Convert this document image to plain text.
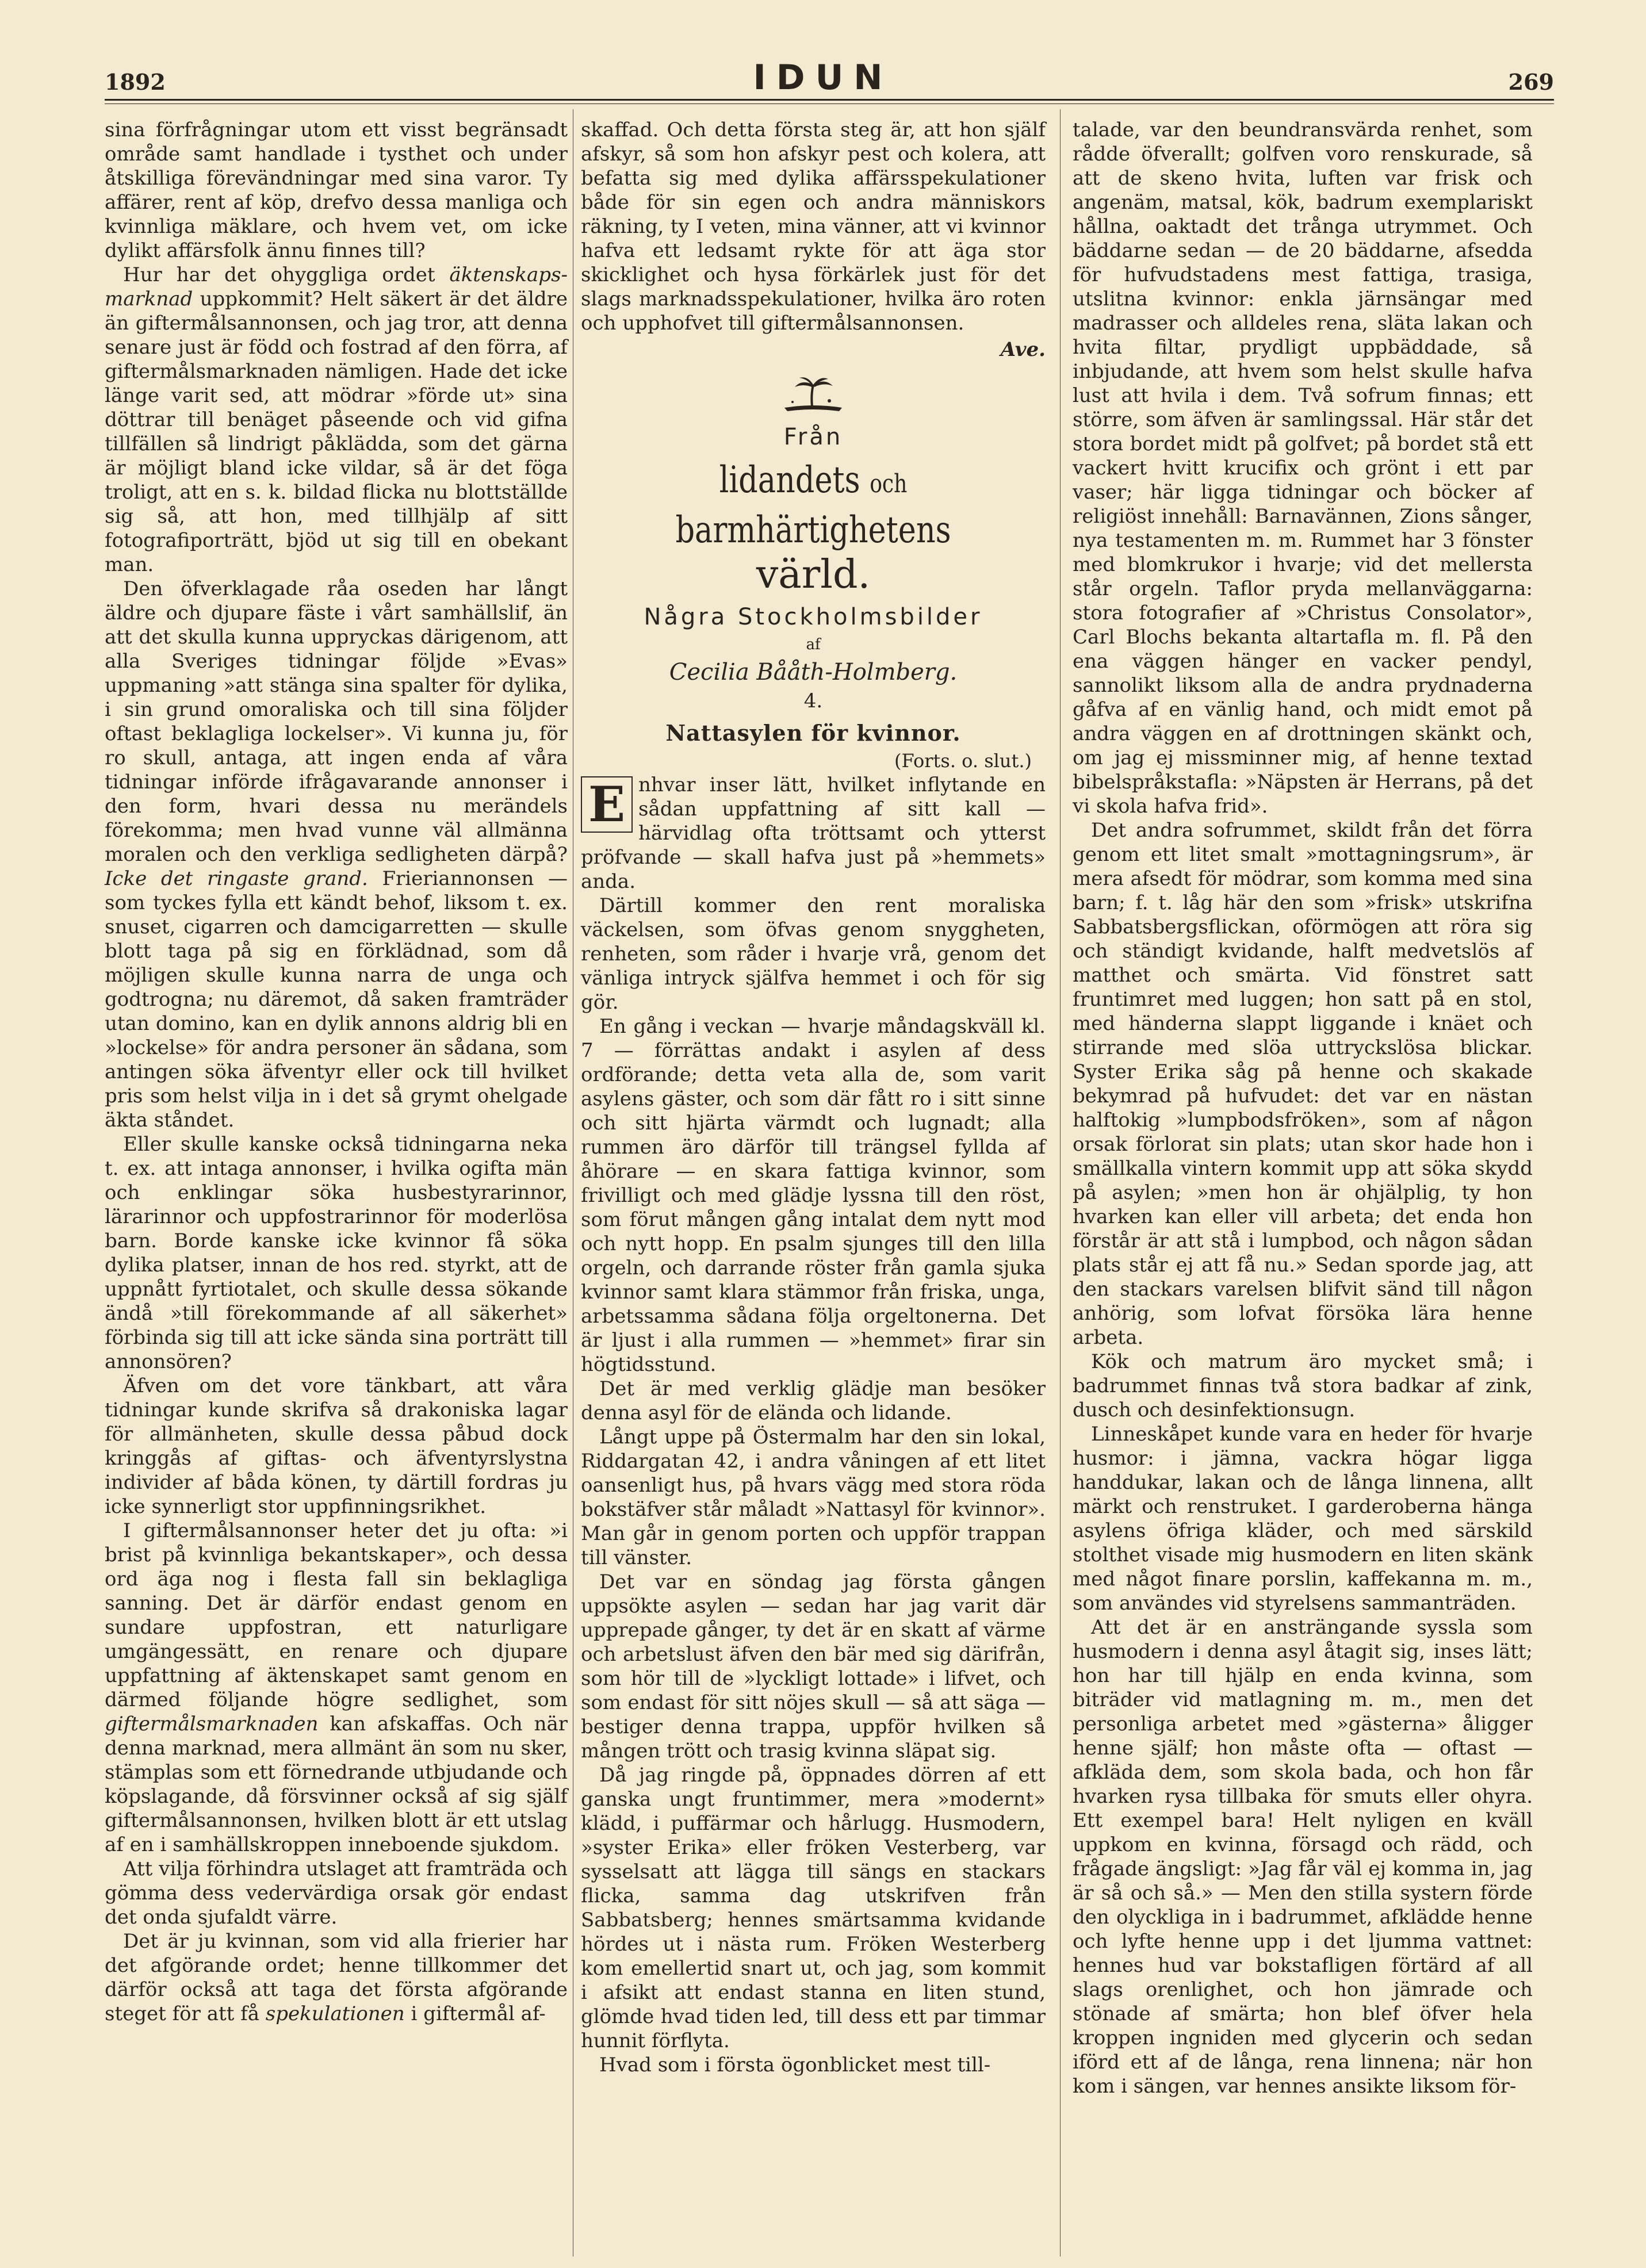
1892	IDUN	269

sina förfrågningar utom ett visst begränsadt område samt handlade i tysthet och under åtskilliga förevändningar med sina varor. Ty affärer, rent af köp, drefvo dessa manliga och kvinnliga mäklare, och hvem vet, om icke dylikt affärsfolk ännu finnes till?

Hur har det ohyggliga ordet äktenskaps-marknad uppkommit? Helt säkert är det äldre än giftermålsannonsen, och jag tror, att denna senare just är född och fostrad af den förra, af giftermålsmarknaden nämligen. Hade det icke länge varit sed, att mödrar »förde ut» sina döttrar till benäget påseende och vid gifna tillfällen så lindrigt påklädda, som det gärna är möjligt bland icke vildar, så är det föga troligt, att en s. k. bildad flicka nu blottställde sig så, att hon, med tillhjälp af sitt fotografiporträtt, bjöd ut sig till en obekant man.

Den öfverklagade råa oseden har långt äldre och djupare fäste i vårt samhällslif, än att det skulla kunna uppryckas därigenom, att alla Sveriges tidningar följde »Evas» uppmaning »att stänga sina spalter för dylika, i sin grund omoraliska och till sina följder oftast beklagliga lockelser». Vi kunna ju, för ro skull, antaga, att ingen enda af våra tidningar införde ifrågavarande annonser i den form, hvari dessa nu merändels förekomma; men hvad vunne väl allmänna moralen och den verkliga sedligheten därpå? Icke det ringaste grand. Frieriannonsen — som tyckes fylla ett kändt behof, liksom t. ex. snuset, cigarren och damcigarretten — skulle blott taga på sig en förklädnad, som då möjligen skulle kunna narra de unga och godtrogna; nu däremot, då saken framträder utan domino, kan en dylik annons aldrig bli en »lockelse» för andra personer än sådana, som antingen söka äfventyr eller ock till hvilket pris som helst vilja in i det så grymt ohelgade äkta ståndet.

Eller skulle kanske också tidningarna neka t. ex. att intaga annonser, i hvilka ogifta män och enklingar söka husbestyrarinnor, lärarinnor och uppfostrarinnor för moderlösa barn. Borde kanske icke kvinnor få söka dylika platser, innan de hos red. styrkt, att de uppnått fyrtiotalet, och skulle dessa sökande ändå »till förekommande af all säkerhet» förbinda sig till att icke sända sina porträtt till annonsören?

Äfven om det vore tänkbart, att våra tidningar kunde skrifva så drakoniska lagar för allmänheten, skulle dessa påbud dock kringgås af giftas- och äfventyrslystna individer af båda könen, ty därtill fordras ju icke synnerligt stor uppfinningsrikhet.

I giftermålsannonser heter det ju ofta: »i brist på kvinnliga bekantskaper», och dessa ord äga nog i flesta fall sin beklagliga sanning. Det är därför endast genom en sundare uppfostran, ett naturligare umgängessätt, en renare och djupare uppfattning af äktenskapet samt genom en därmed följande högre sedlighet, som giftermålsmarknaden kan afskaffas. Och när denna marknad, mera allmänt än som nu sker, stämplas som ett förnedrande utbjudande och köpslagande, då försvinner också af sig själf giftermålsannonsen, hvilken blott är ett utslag af en i samhällskroppen inneboende sjukdom.

Att vilja förhindra utslaget att framträda och gömma dess vedervärdiga orsak gör endast det onda sjufaldt värre.

Det är ju kvinnan, som vid alla frierier har det afgörande ordet; henne tillkommer det därför också att taga det första afgörande steget för att få spekulationen i giftermål af-

skaffad. Och detta första steg är, att hon själf afskyr, så som hon afskyr pest och kolera, att befatta sig med dylika affärsspekulationer både för sin egen och andra människors räkning, ty I veten, mina vänner, att vi kvinnor hafva ett ledsamt rykte för att äga stor skicklighet och hysa förkärlek just för det slags marknadsspekulationer, hvilka äro roten och upphofvet till giftermålsannonsen.

Ave.
Från
lidandets och barmhärtighetens
värld.
Några Stockholmsbilder
af
Cecilia Bååth-Holmberg.
4.
Nattasylen för kvinnor.
(Forts. o. slut.)

E nhvar inser lätt, hvilket inflytande en sådan uppfattning af sitt kall — härvidlag ofta tröttsamt och ytterst pröfvande — skall hafva just på »hemmets» anda.

Därtill kommer den rent moraliska väckelsen, som öfvas genom snyggheten, renheten, som råder i hvarje vrå, genom det vänliga intryck själfva hemmet i och för sig gör.

En gång i veckan — hvarje måndagskväll kl. 7 — förrättas andakt i asylen af dess ordförande; detta veta alla de, som varit asylens gäster, och som där fått ro i sitt sinne och sitt hjärta värmdt och lugnadt; alla rummen äro därför till trängsel fyllda af åhörare — en skara fattiga kvinnor, som frivilligt och med glädje lyssna till den röst, som förut mången gång intalat dem nytt mod och nytt hopp. En psalm sjunges till den lilla orgeln, och darrande röster från gamla sjuka kvinnor samt klara stämmor från friska, unga, arbetssamma sådana följa orgeltonerna. Det är ljust i alla rummen — »hemmet» firar sin högtidsstund.

Det är med verklig glädje man besöker denna asyl för de elända och lidande.

Långt uppe på Östermalm har den sin lokal, Riddargatan 42, i andra våningen af ett litet oansenligt hus, på hvars vägg med stora röda bokstäfver står måladt »Nattasyl för kvinnor». Man går in genom porten och uppför trappan till vänster.

Det var en söndag jag första gången uppsökte asylen — sedan har jag varit där upprepade gånger, ty det är en skatt af värme och arbetslust äfven den bär med sig därifrån, som hör till de »lyckligt lottade» i lifvet, och som endast för sitt nöjes skull — så att säga — bestiger denna trappa, uppför hvilken så mången trött och trasig kvinna släpat sig.

Då jag ringde på, öppnades dörren af ett ganska ungt fruntimmer, mera »modernt» klädd, i puffärmar och hårlugg. Husmodern, »syster Erika» eller fröken Vesterberg, var sysselsatt att lägga till sängs en stackars flicka, samma dag utskrifven från Sabbatsberg; hennes smärtsamma kvidande hördes ut i nästa rum. Fröken Westerberg kom emellertid snart ut, och jag, som kommit i afsikt att endast stanna en liten stund, glömde hvad tiden led, till dess ett par timmar hunnit förflyta.

Hvad som i första ögonblicket mest till-

talade, var den beundransvärda renhet, som rådde öfverallt; golfven voro renskurade, så att de skeno hvita, luften var frisk och angenäm, matsal, kök, badrum exemplariskt hållna, oaktadt det trånga utrymmet. Och bäddarne sedan — de 20 bäddarne, afsedda för hufvudstadens mest fattiga, trasiga, utslitna kvinnor: enkla järnsängar med madrasser och alldeles rena, släta lakan och hvita filtar, prydligt uppbäddade, så inbjudande, att hvem som helst skulle hafva lust att hvila i dem. Två sofrum finnas; ett större, som äfven är samlingssal. Här står det stora bordet midt på golfvet; på bordet stå ett vackert hvitt krucifix och grönt i ett par vaser; här ligga tidningar och böcker af religiöst innehåll: Barnavännen, Zions sånger, nya testamenten m. m. Rummet har 3 fönster med blomkrukor i hvarje; vid det mellersta står orgeln. Taflor pryda mellanväggarna: stora fotografier af »Christus Consolator», Carl Blochs bekanta altartafla m. fl. På den ena väggen hänger en vacker pendyl, sannolikt liksom alla de andra prydnaderna gåfva af en vänlig hand, och midt emot på andra väggen en af drottningen skänkt och, om jag ej missminner mig, af henne textad bibelspråkstafla: »Näpsten är Herrans, på det vi skola hafva frid».

Det andra sofrummet, skildt från det förra genom ett litet smalt »mottagningsrum», är mera afsedt för mödrar, som komma med sina barn; f. t. låg här den som »frisk» utskrifna Sabbatsbergsflickan, oförmögen att röra sig och ständigt kvidande, halft medvetslös af matthet och smärta. Vid fönstret satt fruntimret med luggen; hon satt på en stol, med händerna slappt liggande i knäet och stirrande med slöa uttryckslösa blickar. Syster Erika såg på henne och skakade bekymrad på hufvudet: det var en nästan halftokig »lumpbodsfröken», som af någon orsak förlorat sin plats; utan skor hade hon i smällkalla vintern kommit upp att söka skydd på asylen; »men hon är ohjälplig, ty hon hvarken kan eller vill arbeta; det enda hon förstår är att stå i lumpbod, och någon sådan plats står ej att få nu.» Sedan sporde jag, att den stackars varelsen blifvit sänd till någon anhörig, som lofvat försöka lära henne arbeta.

Kök och matrum äro mycket små; i badrummet finnas två stora badkar af zink, dusch och desinfektionsugn.

Linneskåpet kunde vara en heder för hvarje husmor: i jämna, vackra högar ligga handdukar, lakan och de långa linnena, allt märkt och renstruket. I garderoberna hänga asylens öfriga kläder, och med särskild stolthet visade mig husmodern en liten skänk med något finare porslin, kaffekanna m. m., som användes vid styrelsens sammanträden.

Att det är en ansträngande syssla som husmodern i denna asyl åtagit sig, inses lätt; hon har till hjälp en enda kvinna, som biträder vid matlagning m. m., men det personliga arbetet med »gästerna» åligger henne själf; hon måste ofta — oftast — afkläda dem, som skola bada, och hon får hvarken rysa tillbaka för smuts eller ohyra. Ett exempel bara! Helt nyligen en kväll uppkom en kvinna, försagd och rädd, och frågade ängsligt: »Jag får väl ej komma in, jag är så och så.» — Men den stilla systern förde den olyckliga in i badrummet, afklädde henne och lyfte henne upp i det ljumma vattnet: hennes hud var bokstafligen förtärd af all slags orenlighet, och hon jämrade och stönade af smärta; hon blef öfver hela kroppen ingniden med glycerin och sedan iförd ett af de långa, rena linnena; när hon kom i sängen, var hennes ansikte liksom för-
